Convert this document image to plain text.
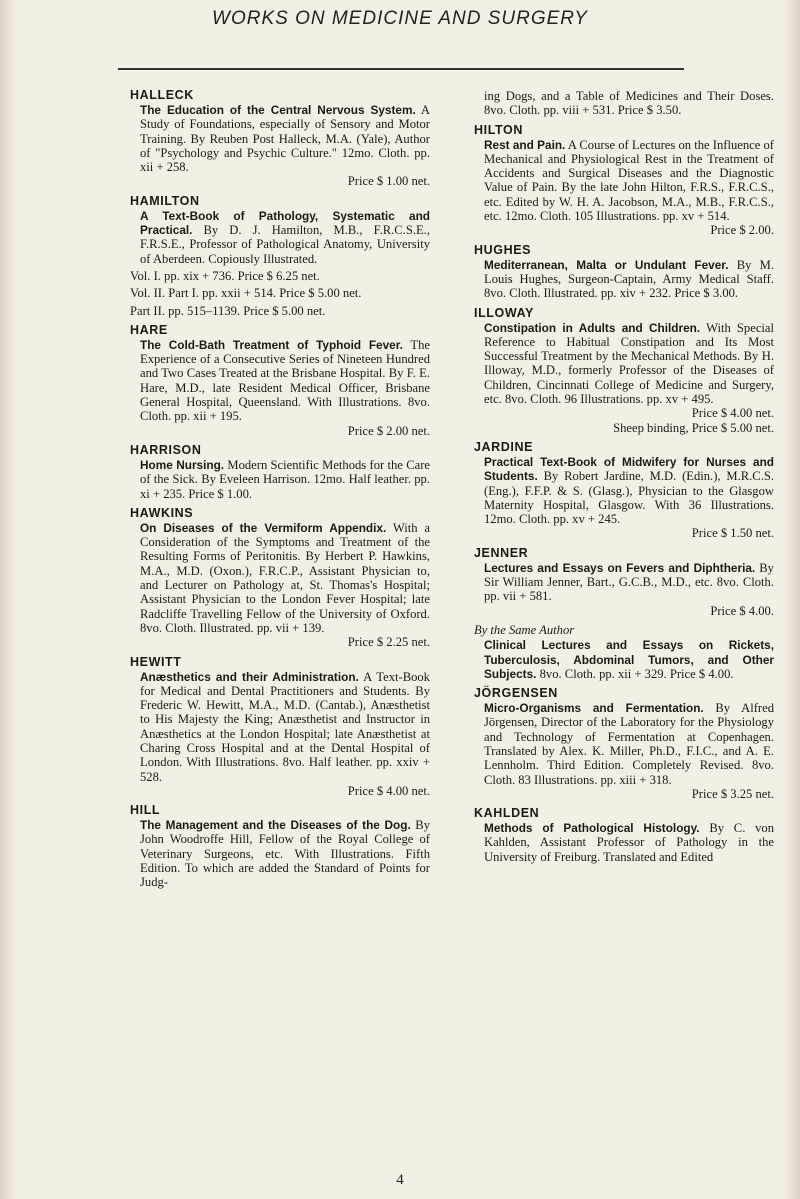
WORKS ON MEDICINE AND SURGERY
HALLECK
The Education of the Central Nervous System. A Study of Foundations, especially of Sensory and Motor Training. By Reuben Post Halleck, M.A. (Yale), Author of "Psychology and Psychic Culture." 12mo. Cloth. pp. xii + 258.
Price $ 1.00 net.
HAMILTON
A Text-Book of Pathology, Systematic and Practical. By D. J. Hamilton, M.B., F.R.C.S.E., F.R.S.E., Professor of Pathological Anatomy, University of Aberdeen. Copiously Illustrated.
Vol. I. pp. xix + 736. Price $ 6.25 net.
Vol. II. Part I. pp. xxii + 514. Price $ 5.00 net.
Part II. pp. 515–1139. Price $ 5.00 net.
HARE
The Cold-Bath Treatment of Typhoid Fever. The Experience of a Consecutive Series of Nineteen Hundred and Two Cases Treated at the Brisbane Hospital. By F. E. Hare, M.D., late Resident Medical Officer, Brisbane General Hospital, Queensland. With Illustrations. 8vo. Cloth. pp. xii + 195.
Price $ 2.00 net.
HARRISON
Home Nursing. Modern Scientific Methods for the Care of the Sick. By Eveleen Harrison. 12mo. Half leather. pp. xi + 235. Price $ 1.00.
HAWKINS
On Diseases of the Vermiform Appendix. With a Consideration of the Symptoms and Treatment of the Resulting Forms of Peritonitis. By Herbert P. Hawkins, M.A., M.D. (Oxon.), F.R.C.P., Assistant Physician to, and Lecturer on Pathology at, St. Thomas's Hospital; Assistant Physician to the London Fever Hospital; late Radcliffe Travelling Fellow of the University of Oxford. 8vo. Cloth. Illustrated. pp. vii + 139.
Price $ 2.25 net.
HEWITT
Anæsthetics and their Administration. A Text-Book for Medical and Dental Practitioners and Students. By Frederic W. Hewitt, M.A., M.D. (Cantab.), Anæsthetist to His Majesty the King; Anæsthetist and Instructor in Anæsthetics at the London Hospital; late Anæsthetist at Charing Cross Hospital and at the Dental Hospital of London. With Illustrations. 8vo. Half leather. pp. xxiv + 528.
Price $ 4.00 net.
HILL
The Management and the Diseases of the Dog. By John Woodroffe Hill, Fellow of the Royal College of Veterinary Surgeons, etc. With Illustrations. Fifth Edition. To which are added the Standard of Points for Judg-
ing Dogs, and a Table of Medicines and Their Doses. 8vo. Cloth. pp. viii + 531. Price $ 3.50.
HILTON
Rest and Pain. A Course of Lectures on the Influence of Mechanical and Physiological Rest in the Treatment of Accidents and Surgical Diseases and the Diagnostic Value of Pain. By the late John Hilton, F.R.S., F.R.C.S., etc. Edited by W. H. A. Jacobson, M.A., M.B., F.R.C.S., etc. 12mo. Cloth. 105 Illustrations. pp. xv + 514.
Price $ 2.00.
HUGHES
Mediterranean, Malta or Undulant Fever. By M. Louis Hughes, Surgeon-Captain, Army Medical Staff. 8vo. Cloth. Illustrated. pp. xiv + 232. Price $ 3.00.
ILLOWAY
Constipation in Adults and Children. With Special Reference to Habitual Constipation and Its Most Successful Treatment by the Mechanical Methods. By H. Illoway, M.D., formerly Professor of the Diseases of Children, Cincinnati College of Medicine and Surgery, etc. 8vo. Cloth. 96 Illustrations. pp. xv + 495.
Price $ 4.00 net.
Sheep binding, Price $ 5.00 net.
JARDINE
Practical Text-Book of Midwifery for Nurses and Students. By Robert Jardine, M.D. (Edin.), M.R.C.S. (Eng.), F.F.P. & S. (Glasg.), Physician to the Glasgow Maternity Hospital, Glasgow. With 36 Illustrations. 12mo. Cloth. pp. xv + 245.
Price $ 1.50 net.
JENNER
Lectures and Essays on Fevers and Diphtheria. By Sir William Jenner, Bart., G.C.B., M.D., etc. 8vo. Cloth. pp. vii + 581.
Price $ 4.00.
By the Same Author
Clinical Lectures and Essays on Rickets, Tuberculosis, Abdominal Tumors, and Other Subjects. 8vo. Cloth. pp. xii + 329. Price $ 4.00.
JÖRGENSEN
Micro-Organisms and Fermentation. By Alfred Jörgensen, Director of the Laboratory for the Physiology and Technology of Fermentation at Copenhagen. Translated by Alex. K. Miller, Ph.D., F.I.C., and A. E. Lennholm. Third Edition. Completely Revised. 8vo. Cloth. 83 Illustrations. pp. xiii + 318.
Price $ 3.25 net.
KAHLDEN
Methods of Pathological Histology. By C. von Kahlden, Assistant Professor of Pathology in the University of Freiburg. Translated and Edited
4
